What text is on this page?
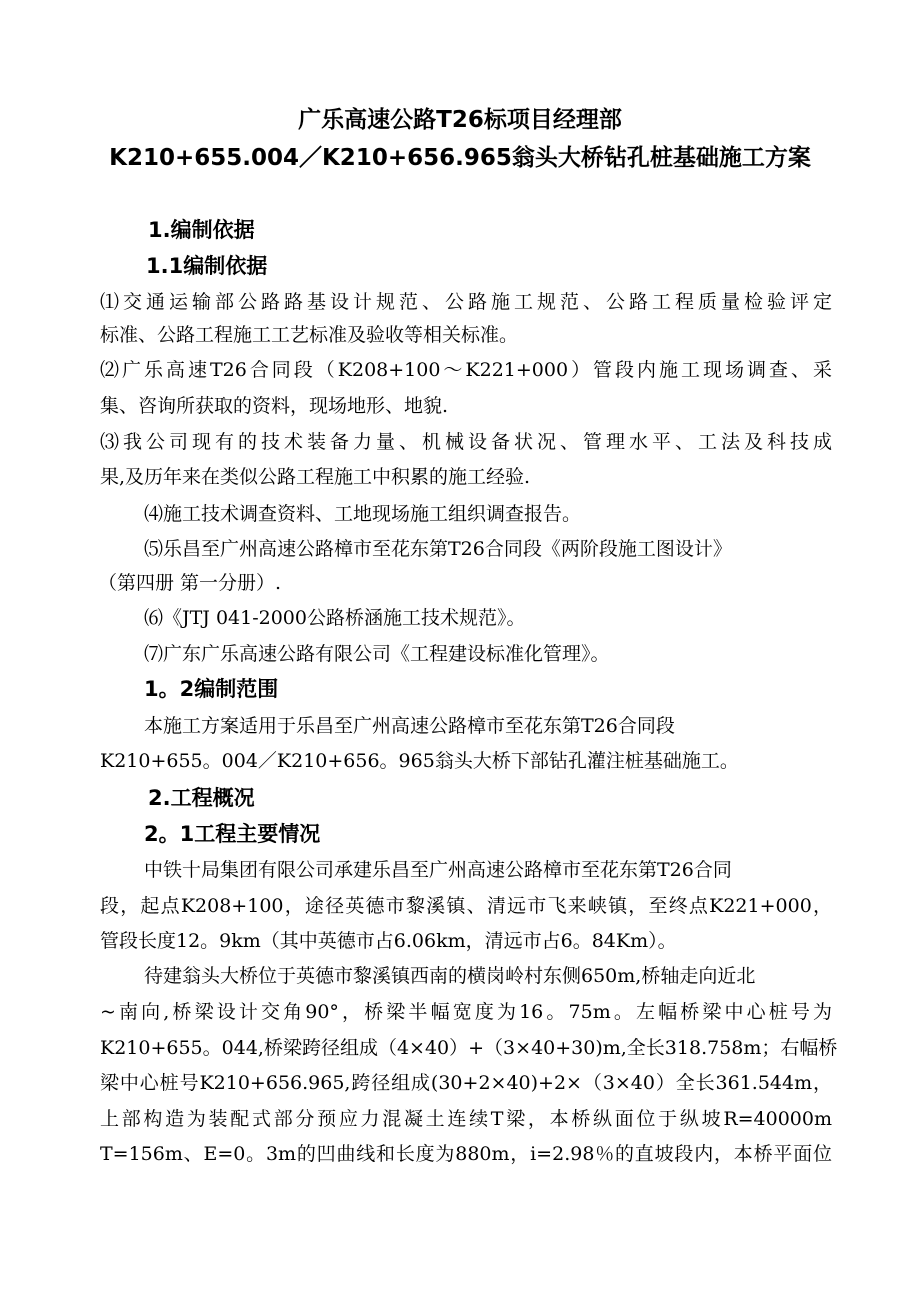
广乐高速公路T26标项目经理部
K210+655.004／K210+656.965翁头大桥钻孔桩基础施工方案
1.编制依据
1.1编制依据
⑴交通运输部公路路基设计规范、公路施工规范、公路工程质量检验评定
标准、公路工程施工工艺标准及验收等相关标准。
⑵广乐高速T26合同段（K208+100～K221+000）管段内施工现场调查、采
集、咨询所获取的资料，现场地形、地貌.
⑶我公司现有的技术装备力量、机械设备状况、管理水平、工法及科技成
果,及历年来在类似公路工程施工中积累的施工经验.
⑷施工技术调查资料、工地现场施工组织调查报告。
⑸乐昌至广州高速公路樟市至花东第T26合同段《两阶段施工图设计》
（第四册 第一分册）.
⑹《JTJ 041-2000公路桥涵施工技术规范》。
⑺广东广乐高速公路有限公司《工程建设标准化管理》。
1。2编制范围
本施工方案适用于乐昌至广州高速公路樟市至花东第T26合同段
K210+655。004／K210+656。965翁头大桥下部钻孔灌注桩基础施工。
2.工程概况
2。1工程主要情况
中铁十局集团有限公司承建乐昌至广州高速公路樟市至花东第T26合同
段，起点K208+100，途径英德市黎溪镇、清远市飞来峡镇，至终点K221+000，
管段长度12。9km（其中英德市占6.06km，清远市占6。84Km）。
待建翁头大桥位于英德市黎溪镇西南的横岗岭村东侧650m,桥轴走向近北
~南向,桥梁设计交角90°，桥梁半幅宽度为16。75m。左幅桥梁中心桩号为
K210+655。044,桥梁跨径组成（4×40）+（3×40+30)m,全长318.758m；右幅桥
梁中心桩号K210+656.965,跨径组成(30+2×40)+2×（3×40）全长361.544m，
上部构造为装配式部分预应力混凝土连续T梁，本桥纵面位于纵坡R=40000m
T=156m、E=0。3m的凹曲线和长度为880m，i=2.98％的直坡段内，本桥平面位
